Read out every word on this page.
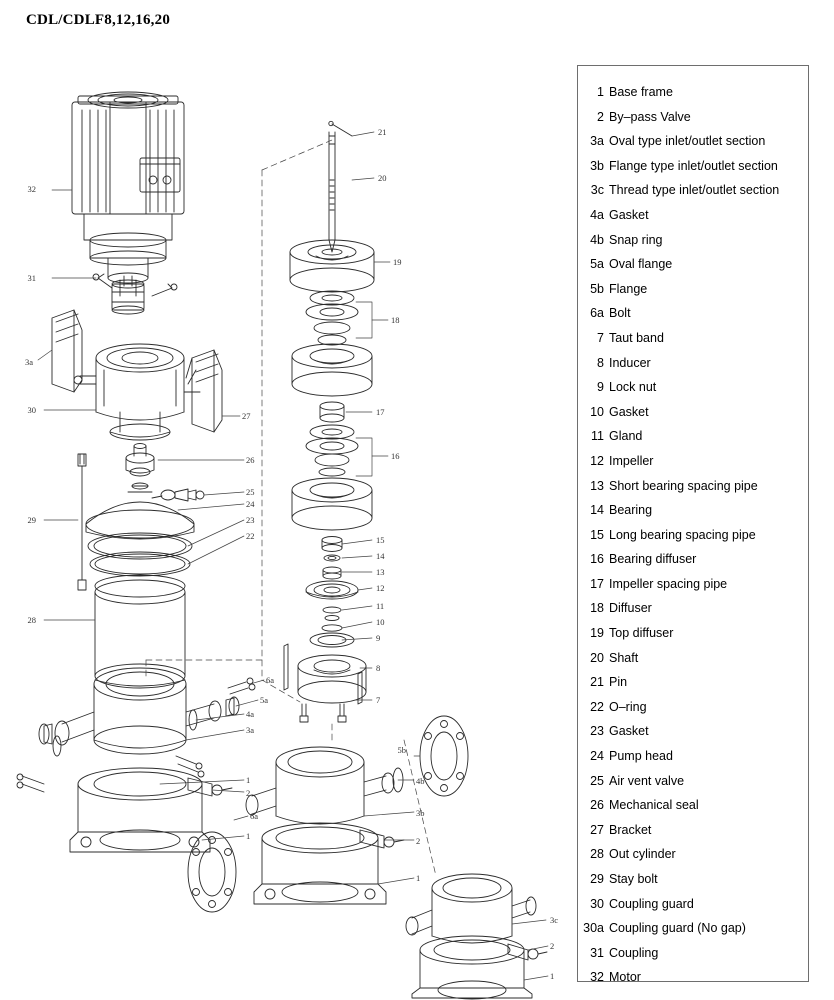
CDL/CDLF8,12,16,20
32
31
3a
30
27
26
25
24
23
22
29
28
21
20
19
18
17
16
15
14
13
12
11
10
9
8
7
6a
5a
4a
3a
1
2
6a
1
5b
4b
3b
2
1
3c
2
1
1 Base frame
2 By–pass Valve
3a Oval type inlet/outlet section
3b Flange type inlet/outlet section
3c Thread type inlet/outlet section
4a Gasket
4b Snap ring
5a Oval flange
5b Flange
6a Bolt
7 Taut band
8 Inducer
9 Lock nut
10 Gasket
11 Gland
12 Impeller
13 Short bearing spacing pipe
14 Bearing
15 Long bearing spacing pipe
16 Bearing diffuser
17 Impeller spacing pipe
18 Diffuser
19 Top diffuser
20 Shaft
21 Pin
22 O–ring
23 Gasket
24 Pump head
25 Air vent valve
26 Mechanical seal
27 Bracket
28 Out cylinder
29 Stay bolt
30 Coupling guard
30a Coupling guard (No gap)
31 Coupling
32 Motor
